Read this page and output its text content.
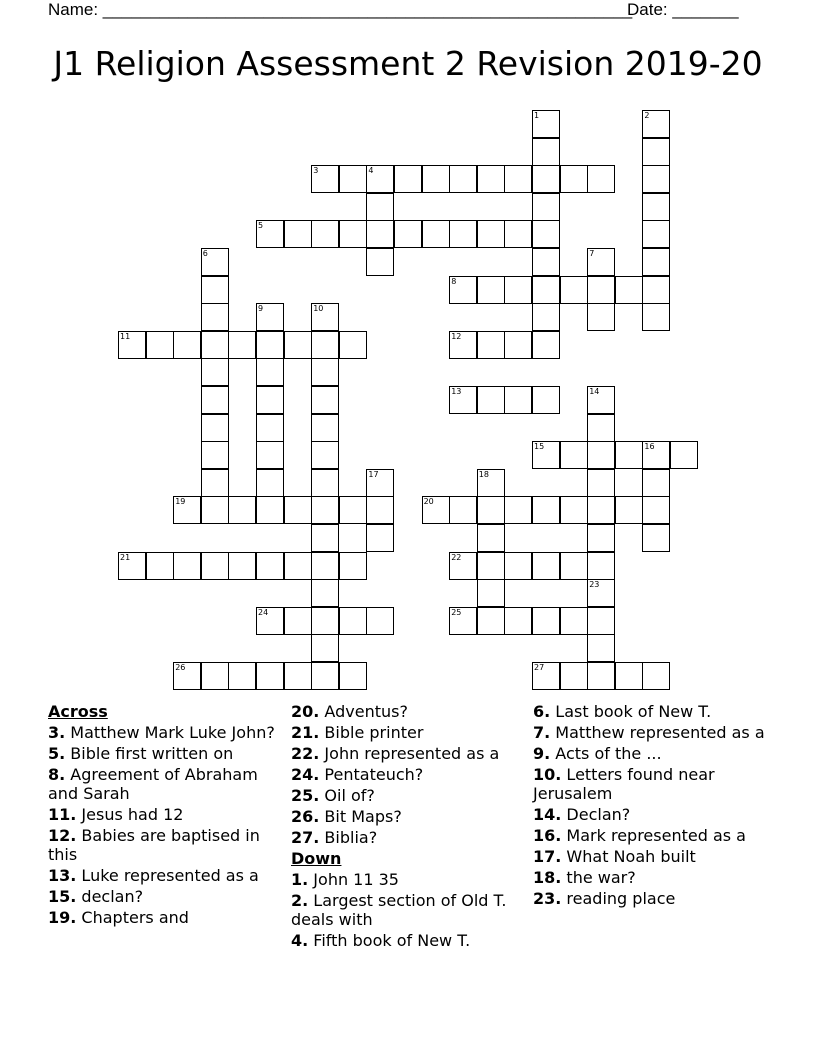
Name: ________________________________________________________
Date: _______
J1 Religion Assessment 2 Revision 2019-20
1	2
3	4
5
6	7
8
9	10
11	12
13	14
23
15	16
17	18
19	20
21	22
24	25
26	27
Across
3. Matthew Mark Luke John?
5. Bible first written on
8. Agreement of Abraham and Sarah
11. Jesus had 12
12. Babies are baptised in this
13. Luke represented as a
15. declan?
19. Chapters and
20. Adventus?
21. Bible printer
22. John represented as a
24. Pentateuch?
25. Oil of?
26. Bit Maps?
27. Biblia?
Down
1. John 11 35
2. Largest section of Old T. deals with
4. Fifth book of New T.
6. Last book of New T.
7. Matthew represented as a
9. Acts of the ...
10. Letters found near Jerusalem
14. Declan?
16. Mark represented as a
17. What Noah built
18. the war?
23. reading place
